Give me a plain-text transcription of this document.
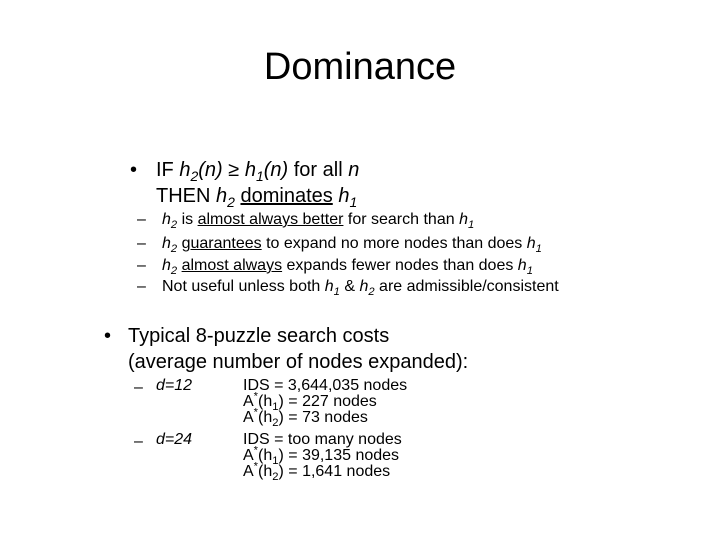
Dominance
• IF $h_2(n) \ge h_1(n)$ for all n
THEN $h_2$ dominates $h_1$
– $h_2$ is almost always better for search than $h_1$
– $h_2$ guarantees to expand no more nodes than does $h_1$
– $h_2$ almost always expands fewer nodes than does $h_1$
– Not useful unless both $h_1$ & $h_2$ are admissible/consistent
• Typical 8-puzzle search costs
(average number of nodes expanded):
– d=12	IDS = 3,644,035 nodes
$A^*(h_1) = 227$ nodes
$A^*(h_2) = 73$ nodes
– d=24	IDS = too many nodes
$A^*(h_1) = 39,135$ nodes
$A^*(h_2) = 1,641$ nodes
